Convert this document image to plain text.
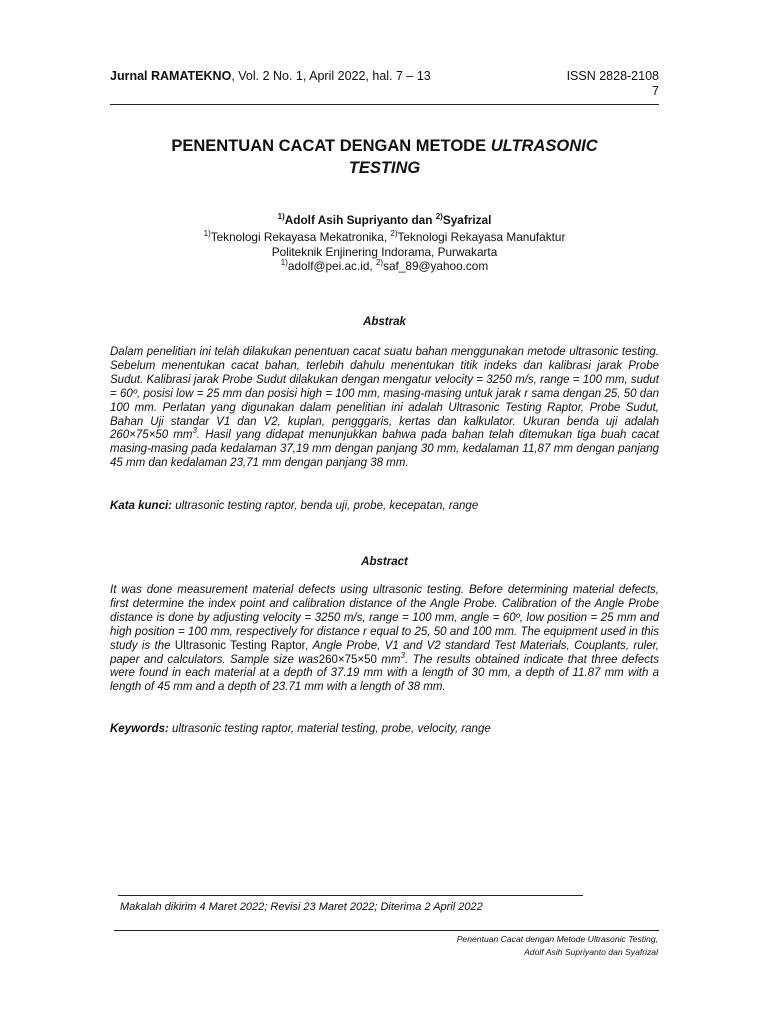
Jurnal RAMATEKNO, Vol. 2 No. 1, April 2022, hal. 7 – 13	ISSN 2828-2108
7
PENENTUAN CACAT DENGAN METODE ULTRASONIC
TESTING
$^{1)}$Adolf Asih Supriyanto dan $^{2)}$Syafrizal
$^{1)}$Teknologi Rekayasa Mekatronika, $^{2)}$Teknologi Rekayasa Manufaktur
Politeknik Enjinering Indorama, Purwakarta
$^{1)}$adolf@pei.ac.id, $^{2)}$saf_89@yahoo.com
Abstrak
Dalam penelitian ini telah dilakukan penentuan cacat suatu bahan menggunakan metode ultrasonic testing. Sebelum menentukan cacat bahan, terlebih dahulu menentukan titik indeks dan kalibrasi jarak Probe Sudut. Kalibrasi jarak Probe Sudut dilakukan dengan mengatur velocity = 3250 m/s, range = 100 mm, sudut = 60º, posisi low = 25 mm dan posisi high = 100 mm, masing-masing untuk jarak r sama dengan 25, 50 dan 100 mm. Perlatan yang digunakan dalam penelitian ini adalah Ultrasonic Testing Raptor, Probe Sudut, Bahan Uji standar V1 dan V2, kuplan, pengggaris, kertas dan kalkulator. Ukuran benda uji adalah 260×75×50 $mm^3$. Hasil yang didapat menunjukkan bahwa pada bahan telah ditemukan tiga buah cacat masing-masing pada kedalaman 37,19 mm dengan panjang 30 mm, kedalaman 11,87 mm dengan panjang 45 mm dan kedalaman 23,71 mm dengan panjang 38 mm.
Kata kunci: ultrasonic testing raptor, benda uji, probe, kecepatan, range
Abstract
It was done measurement material defects using ultrasonic testing. Before determining material defects, first determine the index point and calibration distance of the Angle Probe. Calibration of the Angle Probe distance is done by adjusting velocity = 3250 m/s, range = 100 mm, angle = 60º, low position = 25 mm and high position = 100 mm, respectively for distance r equal to 25, 50 and 100 mm. The equipment used in this study is the Ultrasonic Testing Raptor, Angle Probe, V1 and V2 standard Test Materials, Couplants, ruler, paper and calculators. Sample size was260×75×50 $mm^3$. The results obtained indicate that three defects were found in each material at a depth of 37.19 mm with a length of 30 mm, a depth of 11.87 mm with a length of 45 mm and a depth of 23.71 mm with a length of 38 mm.
Keywords: ultrasonic testing raptor, material testing, probe, velocity, range
Makalah dikirim 4 Maret 2022; Revisi 23 Maret 2022; Diterima 2 April 2022
Penentuan Cacat dengan Metode Ultrasonic Testing,
Adolf Asih Supriyanto dan Syafrizal
